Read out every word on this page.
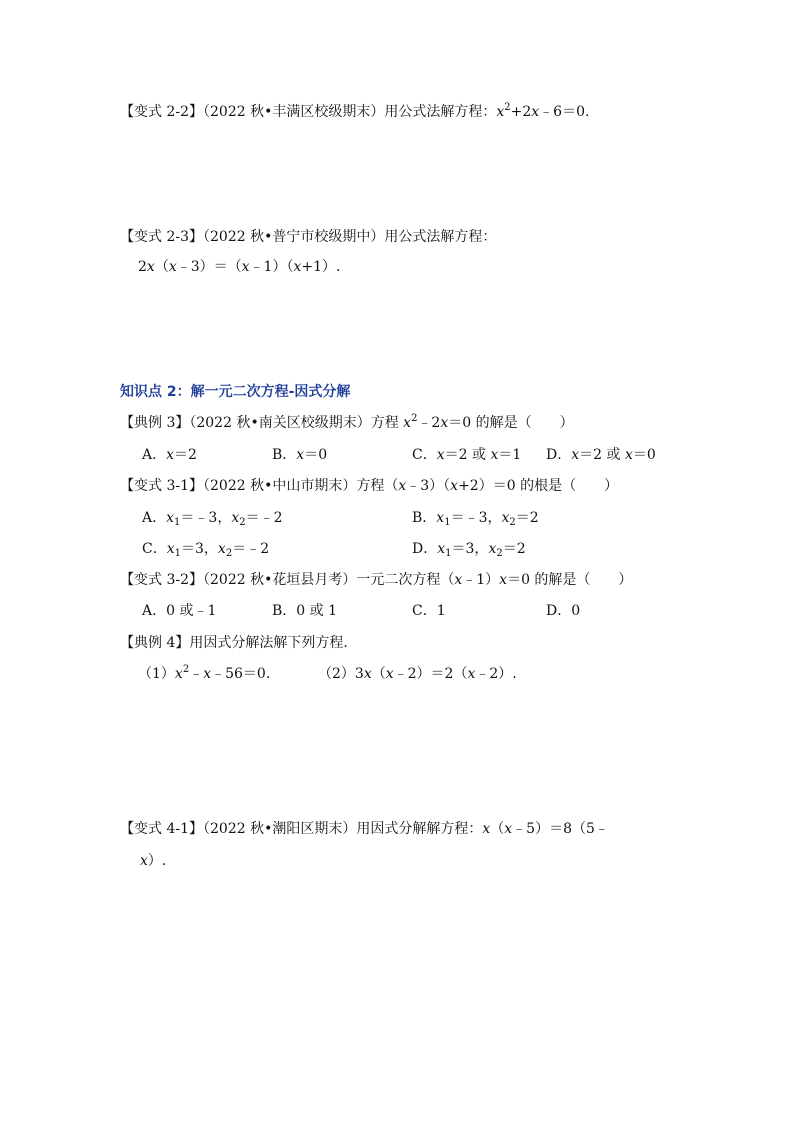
【变式 2-2】（2022 秋•丰满区校级期末）用公式法解方程：$x^2+2x﹣6=0$.
【变式 2-3】（2022 秋•普宁市校级期中）用公式法解方程：
2x（x﹣3）＝（x﹣1）（x+1）.
知识点 2：解一元二次方程-因式分解
【典例 3】（2022 秋•南关区校级期末）方程 $x^2﹣2x=0$ 的解是（　　）
A．x＝2	B．x＝0	C．x＝2 或 x＝1 D．x＝2 或 x＝0
【变式 3-1】（2022 秋•中山市期末）方程（x﹣3）（x+2）＝0 的根是（　　）
A．$x_1=﹣3$，$x_2=﹣2$	B．$x_1=﹣3$，$x_2=2$
C．$x_1=3$，$x_2=﹣2$	D．$x_1=3$，$x_2=2$
【变式 3-2】（2022 秋•花垣县月考）一元二次方程（x﹣1）x＝0 的解是（　　）
A．0 或﹣1	B．0 或 1	C．1	D．0
【典例 4】用因式分解法解下列方程.
$(1)x^2﹣x﹣56=0$.	（2）3x（x﹣2）＝2（x﹣2）.
【变式 4-1】（2022 秋•潮阳区期末）用因式分解解方程：x（x﹣5）＝8（5﹣
x）.
